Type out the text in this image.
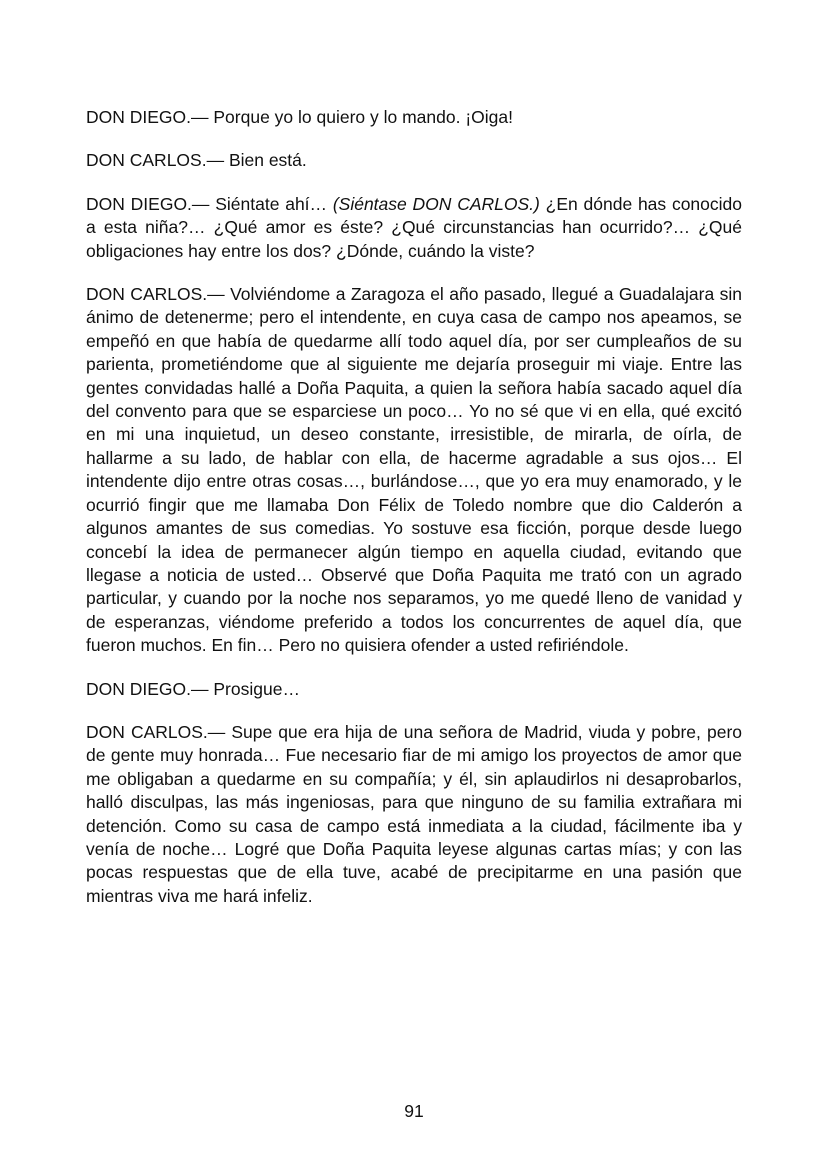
DON DIEGO.— Porque yo lo quiero y lo mando. ¡Oiga!

DON CARLOS.— Bien está.

DON DIEGO.— Siéntate ahí… (Siéntase DON CARLOS.) ¿En dónde has conocido a esta niña?… ¿Qué amor es éste? ¿Qué circunstancias han ocurrido?… ¿Qué obligaciones hay entre los dos? ¿Dónde, cuándo la viste?

DON CARLOS.— Volviéndome a Zaragoza el año pasado, llegué a Guadalajara sin ánimo de detenerme; pero el intendente, en cuya casa de campo nos apeamos, se empeñó en que había de quedarme allí todo aquel día, por ser cumpleaños de su parienta, prometiéndome que al siguiente me dejaría proseguir mi viaje. Entre las gentes convidadas hallé a Doña Paquita, a quien la señora había sacado aquel día del convento para que se esparciese un poco… Yo no sé que vi en ella, qué excitó en mi una inquietud, un deseo constante, irresistible, de mirarla, de oírla, de hallarme a su lado, de hablar con ella, de hacerme agradable a sus ojos… El intendente dijo entre otras cosas…, burlándose…, que yo era muy enamorado, y le ocurrió fingir que me llamaba Don Félix de Toledo nombre que dio Calderón a algunos amantes de sus comedias. Yo sostuve esa ficción, porque desde luego concebí la idea de permanecer algún tiempo en aquella ciudad, evitando que llegase a noticia de usted… Observé que Doña Paquita me trató con un agrado particular, y cuando por la noche nos separamos, yo me quedé lleno de vanidad y de esperanzas, viéndome preferido a todos los concurrentes de aquel día, que fueron muchos. En fin… Pero no quisiera ofender a usted refiriéndole.

DON DIEGO.— Prosigue…

DON CARLOS.— Supe que era hija de una señora de Madrid, viuda y pobre, pero de gente muy honrada… Fue necesario fiar de mi amigo los proyectos de amor que me obligaban a quedarme en su compañía; y él, sin aplaudirlos ni desaprobarlos, halló disculpas, las más ingeniosas, para que ninguno de su familia extrañara mi detención. Como su casa de campo está inmediata a la ciudad, fácilmente iba y venía de noche… Logré que Doña Paquita leyese algunas cartas mías; y con las pocas respuestas que de ella tuve, acabé de precipitarme en una pasión que mientras viva me hará infeliz.

91
